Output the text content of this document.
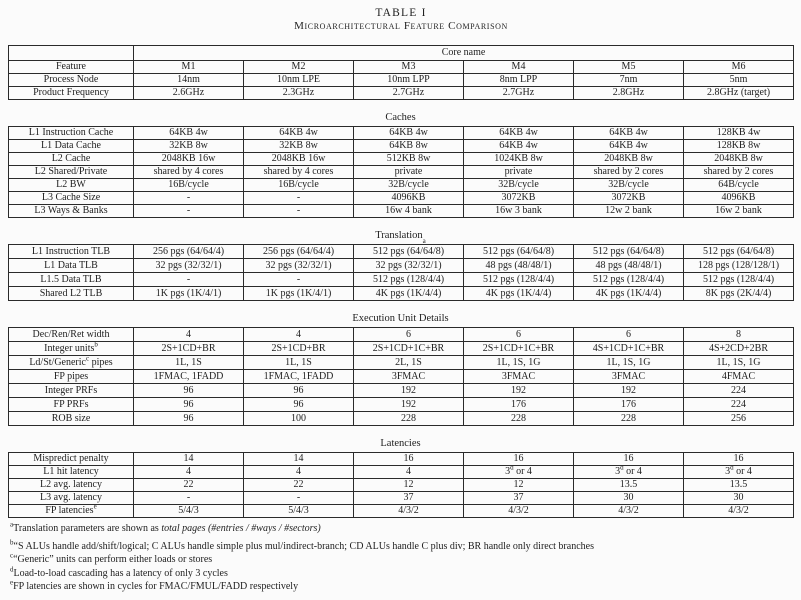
TABLE I
Microarchitectural Feature Comparison
	Core name					
Feature	M1	M2	M3	M4	M5	M6
Process Node	14nm	10nm LPE	10nm LPP	8nm LPP	7nm	5nm
Product Frequency	2.6GHz	2.3GHz	2.7GHz	2.7GHz	2.8GHz	2.8GHz (target)
Caches
L1 Instruction Cache	64KB 4w	64KB 4w	64KB 4w	64KB 4w	64KB 4w	128KB 4w
L1 Data Cache	32KB 8w	32KB 8w	64KB 8w	64KB 4w	64KB 4w	128KB 8w
L2 Cache	2048KB 16w	2048KB 16w	512KB 8w	1024KB 8w	2048KB 8w	2048KB 8w
L2 Shared/Private	shared by 4 cores	shared by 4 cores	private	private	shared by 2 cores	shared by 2 cores
L2 BW	16B/cycle	16B/cycle	32B/cycle	32B/cycle	32B/cycle	64B/cycle
L3 Cache Size	-	-	4096KB	3072KB	3072KB	4096KB
L3 Ways & Banks	-	-	16w 4 bank	16w 3 bank	12w 2 bank	16w 2 bank
Translation a
L1 Instruction TLB	256 pgs (64/64/4)	256 pgs (64/64/4)	512 pgs (64/64/8)	512 pgs (64/64/8)	512 pgs (64/64/8)	512 pgs (64/64/8)
L1 Data TLB	32 pgs (32/32/1)	32 pgs (32/32/1)	32 pgs (32/32/1)	48 pgs (48/48/1)	48 pgs (48/48/1)	128 pgs (128/128/1)
L1.5 Data TLB	-	-	512 pgs (128/4/4)	512 pgs (128/4/4)	512 pgs (128/4/4)	512 pgs (128/4/4)
Shared L2 TLB	1K pgs (1K/4/1)	1K pgs (1K/4/1)	4K pgs (1K/4/4)	4K pgs (1K/4/4)	4K pgs (1K/4/4)	8K pgs (2K/4/4)
Execution Unit Details
Dec/Ren/Ret width	4	4	6	6	6	8
Integer units$^b$	2S+1CD+BR	2S+1CD+BR	2S+1CD+1C+BR	2S+1CD+1C+BR	4S+1CD+1C+BR	4S+2CD+2BR
Ld/St/Generic$^c$ pipes	1L, 1S	1L, 1S	2L, 1S	1L, 1S, 1G	1L, 1S, 1G	1L, 1S, 1G
FP pipes	1FMAC, 1FADD	1FMAC, 1FADD	3FMAC	3FMAC	3FMAC	4FMAC
Integer PRFs	96	96	192	192	192	224
FP PRFs	96	96	192	176	176	224
ROB size	96	100	228	228	228	256
Latencies
Mispredict penalty	14	14	16	16	16	16
L1 hit latency	4	4	4	3$^d$ or 4	3$^d$ or 4	3$^d$ or 4
L2 avg. latency	22	22	12	12	13.5	13.5
L3 avg. latency	-	-	37	37	30	30
FP latencies$^e$	5/4/3	5/4/3	4/3/2	4/3/2	4/3/2	4/3/2
$^a$Translation parameters are shown as total pages (#entries / #ways / #sectors)
$^b$“S ALUs handle add/shift/logical; C ALUs handle simple plus mul/indirect-branch; CD ALUs handle C plus div; BR handle only direct branches
$^c$“Generic” units can perform either loads or stores
$^d$Load-to-load cascading has a latency of only 3 cycles
$^e$FP latencies are shown in cycles for FMAC/FMUL/FADD respectively
